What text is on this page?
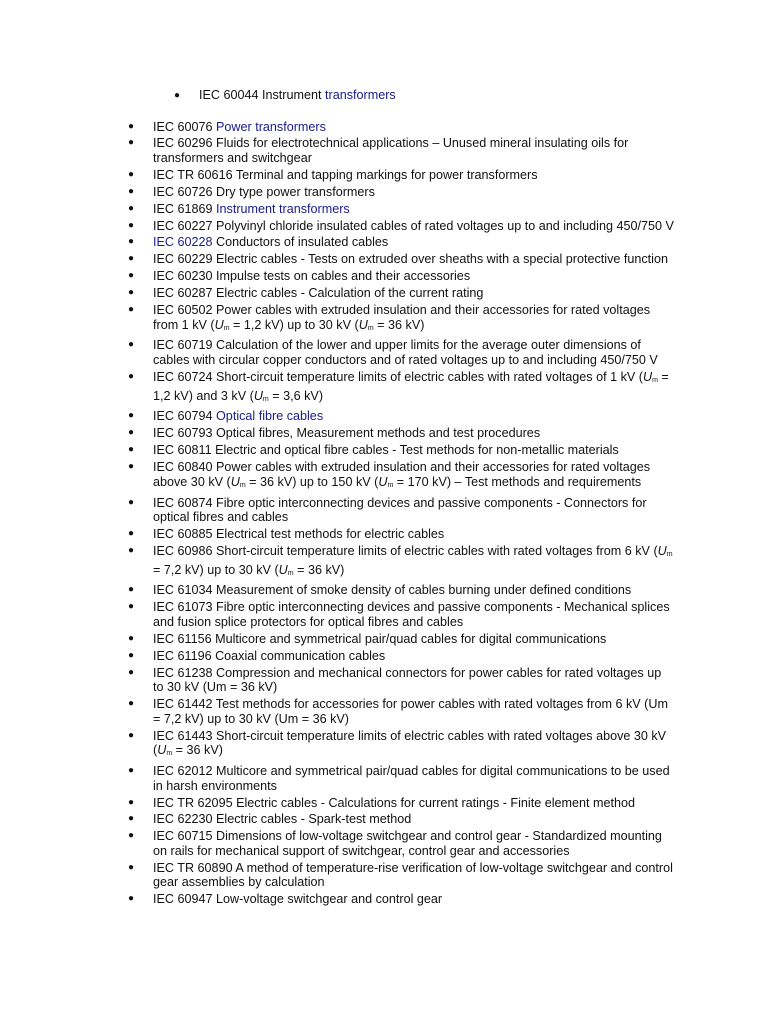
● IEC 60044 Instrument transformers
● IEC 60076 Power transformers
● IEC 60296 Fluids for electrotechnical applications – Unused mineral insulating oils for transformers and switchgear
● IEC TR 60616 Terminal and tapping markings for power transformers
● IEC 60726 Dry type power transformers
● IEC 61869 Instrument transformers
● IEC 60227 Polyvinyl chloride insulated cables of rated voltages up to and including 450/750 V
● IEC 60228 Conductors of insulated cables
● IEC 60229 Electric cables - Tests on extruded over sheaths with a special protective function
● IEC 60230 Impulse tests on cables and their accessories
● IEC 60287 Electric cables - Calculation of the current rating
● IEC 60502 Power cables with extruded insulation and their accessories for rated voltages from 1 kV ($U_m = 1,2$ kV) up to 30 kV ($U_m = 36$ kV)
● IEC 60719 Calculation of the lower and upper limits for the average outer dimensions of cables with circular copper conductors and of rated voltages up to and including 450/750 V
● IEC 60724 Short-circuit temperature limits of electric cables with rated voltages of 1 kV ($U_m = 1,2$ kV) and 3 kV ($U_m = 3,6$ kV)
● IEC 60794 Optical fibre cables
● IEC 60793 Optical fibres, Measurement methods and test procedures
● IEC 60811 Electric and optical fibre cables - Test methods for non-metallic materials
● IEC 60840 Power cables with extruded insulation and their accessories for rated voltages above 30 kV ($U_m = 36$ kV) up to 150 kV ($U_m = 170$ kV) – Test methods and requirements
● IEC 60874 Fibre optic interconnecting devices and passive components - Connectors for optical fibres and cables
● IEC 60885 Electrical test methods for electric cables
● IEC 60986 Short-circuit temperature limits of electric cables with rated voltages from 6 kV ($U_m = 7,2$ kV) up to 30 kV ($U_m = 36$ kV)
● IEC 61034 Measurement of smoke density of cables burning under defined conditions
● IEC 61073 Fibre optic interconnecting devices and passive components - Mechanical splices and fusion splice protectors for optical fibres and cables
● IEC 61156 Multicore and symmetrical pair/quad cables for digital communications
● IEC 61196 Coaxial communication cables
● IEC 61238 Compression and mechanical connectors for power cables for rated voltages up to 30 kV (Um = 36 kV)
● IEC 61442 Test methods for accessories for power cables with rated voltages from 6 kV (Um = 7,2 kV) up to 30 kV (Um = 36 kV)
● IEC 61443 Short-circuit temperature limits of electric cables with rated voltages above 30 kV ($U_m = 36$ kV)
● IEC 62012 Multicore and symmetrical pair/quad cables for digital communications to be used in harsh environments
● IEC TR 62095 Electric cables - Calculations for current ratings - Finite element method
● IEC 62230 Electric cables - Spark-test method
● IEC 60715 Dimensions of low-voltage switchgear and control gear - Standardized mounting on rails for mechanical support of switchgear, control gear and accessories
● IEC TR 60890 A method of temperature-rise verification of low-voltage switchgear and control gear assemblies by calculation
● IEC 60947 Low-voltage switchgear and control gear
